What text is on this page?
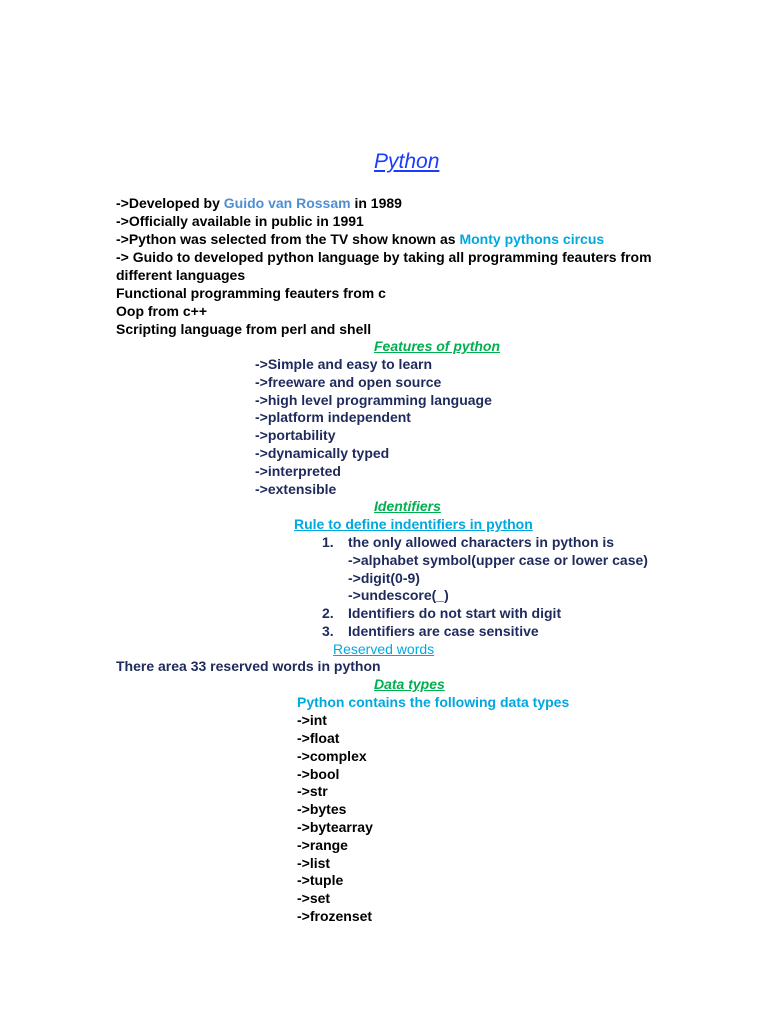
Python
->Developed by Guido van Rossam in 1989
->Officially available in public in 1991
->Python was selected from the TV show known as Monty pythons circus
-> Guido to developed python language by taking all programming feauters from
different languages
Functional programming feauters from c
Oop from c++
Scripting language from perl and shell
Features of python
->Simple and easy to learn
->freeware and open source
->high level programming language
->platform independent
->portability
->dynamically typed
->interpreted
->extensible
Identifiers
Rule to define indentifiers in python
1. the only allowed characters in python is
->alphabet symbol(upper case or lower case)
->digit(0-9)
->undescore(_)
2. Identifiers do not start with digit
3. Identifiers are case sensitive
Reserved words
There area 33 reserved words in python
Data types
Python contains the following data types
->int
->float
->complex
->bool
->str
->bytes
->bytearray
->range
->list
->tuple
->set
->frozenset
